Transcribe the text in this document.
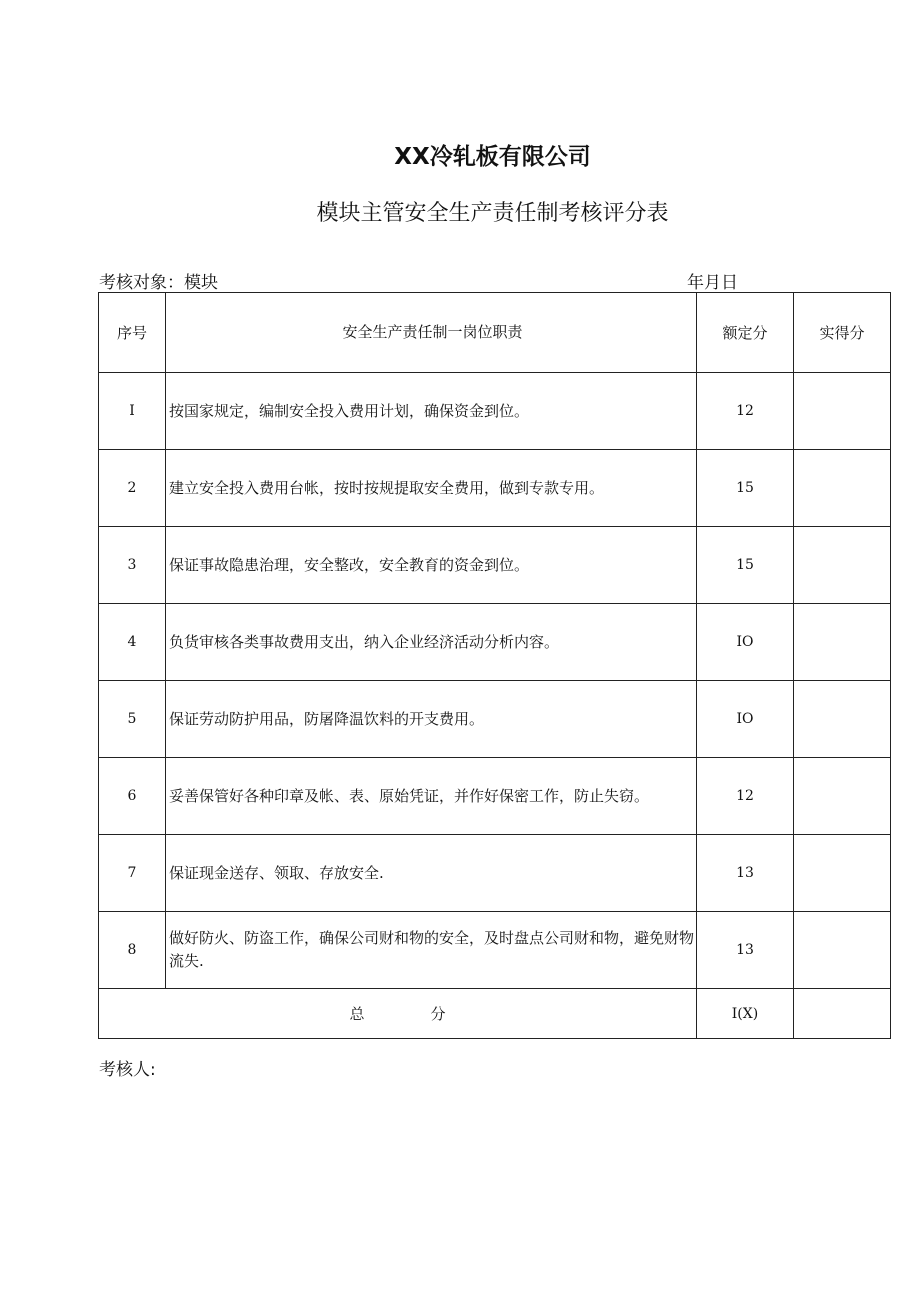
XX冷轧板有限公司
模块主管安全生产责任制考核评分表
考核对象：模块	年月日
序号	安全生产责任制一岗位职责	额定分	实得分
I	按国家规定，编制安全投入费用计划，确保资金到位。	12	
2	建立安全投入费用台帐，按时按规提取安全费用，做到专款专用。	15	
3	保证事故隐患治理，安全整改，安全教育的资金到位。	15	
4	负货审核各类事故费用支出，纳入企业经济活动分析内容。	IO	
5	保证劳动防护用品，防屠降温饮料的开支费用。	IO	
6	妥善保管好各种印章及帐、表、原始凭证，并作好保密工作，防止失窃。	12	
7	保证现金送存、领取、存放安全.	13	
8	做好防火、防盗工作，确保公司财和物的安全，及时盘点公司财和物，避免财物流失.	13	
总 分		I(X)	
考核人:
